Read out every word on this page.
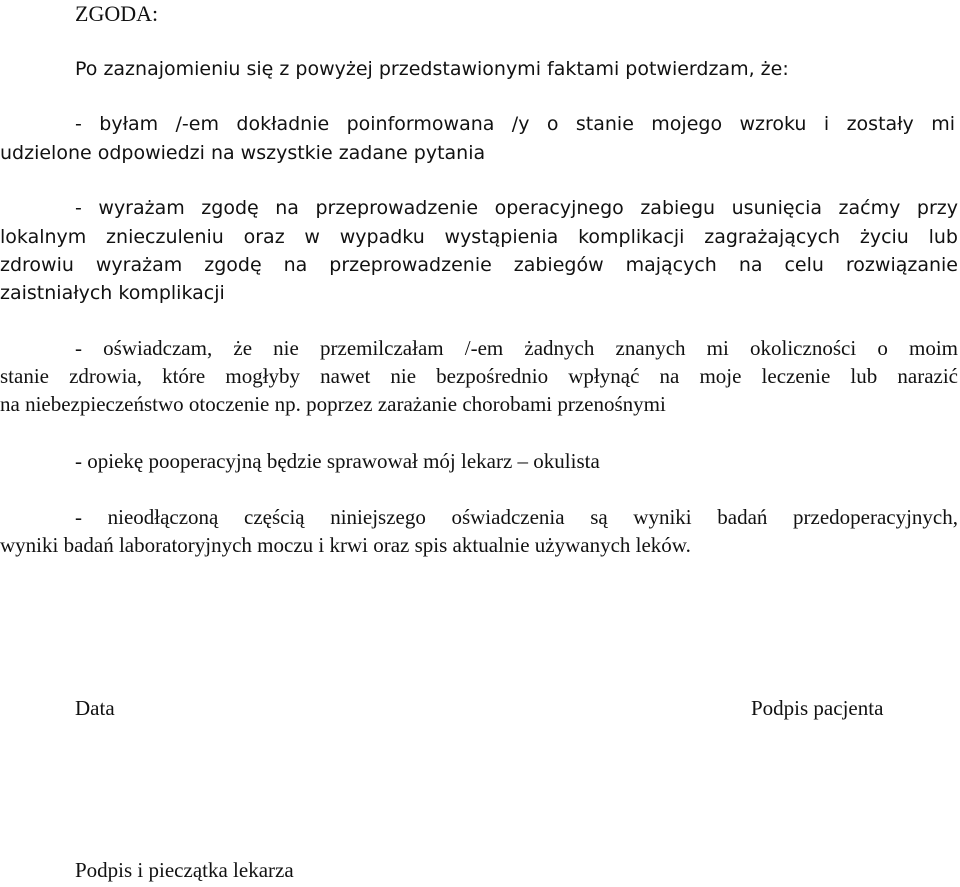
ZGODA:

Po zaznajomieniu się z powyżej przedstawionymi faktami potwierdzam, że:

- byłam /-em dokładnie poinformowana /y o stanie mojego wzroku i zostały mi

udzielone odpowiedzi na wszystkie zadane pytania

- wyrażam zgodę na przeprowadzenie operacyjnego zabiegu usunięcia zaćmy przy

lokalnym znieczuleniu oraz w wypadku wystąpienia komplikacji zagrażających życiu lub

zdrowiu wyrażam zgodę na przeprowadzenie zabiegów mających na celu rozwiązanie

zaistniałych komplikacji

- oświadczam, że nie przemilczałam /-em żadnych znanych mi okoliczności o moim

stanie zdrowia, które mogłyby nawet nie bezpośrednio wpłynąć na moje leczenie lub narazić

na niebezpieczeństwo otoczenie np. poprzez zarażanie chorobami przenośnymi

- opiekę pooperacyjną będzie sprawował mój lekarz – okulista

- nieodłączoną częścią niniejszego oświadczenia są wyniki badań przedoperacyjnych,

wyniki badań laboratoryjnych moczu i krwi oraz spis aktualnie używanych leków.

Data	Podpis pacjenta

Podpis i pieczątka lekarza
